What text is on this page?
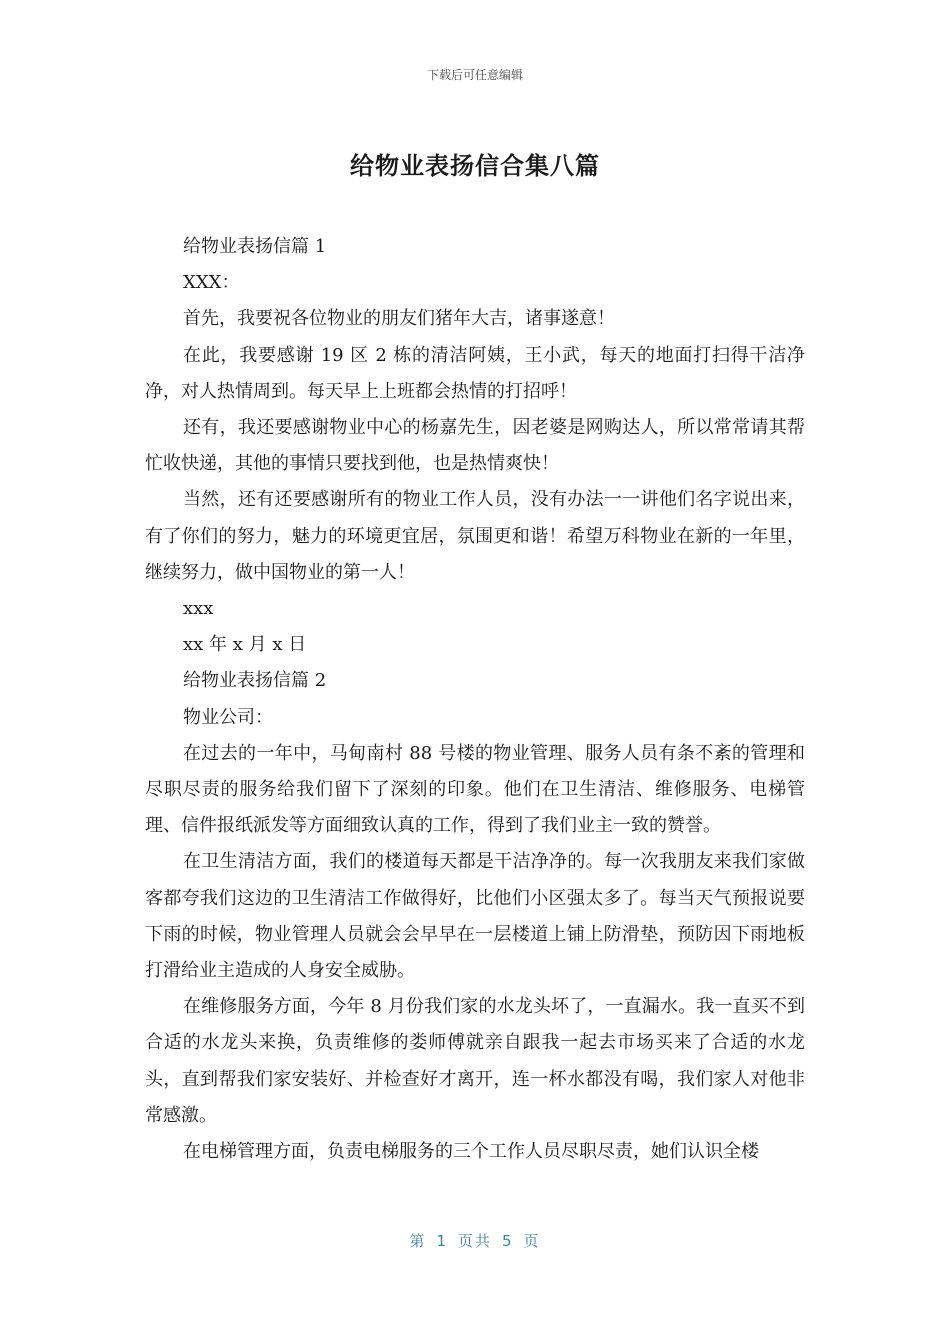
下载后可任意编辑
给物业表扬信合集八篇

给物业表扬信篇 1

XXX：

首先，我要祝各位物业的朋友们猪年大吉，诸事遂意！

在此，我要感谢 19 区 2 栋的清洁阿姨，王小武，每天的地面打扫得干洁净净，对人热情周到。每天早上上班都会热情的打招呼！

还有，我还要感谢物业中心的杨嘉先生，因老婆是网购达人，所以常常请其帮忙收快递，其他的事情只要找到他，也是热情爽快！

当然，还有还要感谢所有的物业工作人员，没有办法一一讲他们名字说出来，有了你们的努力，魅力的环境更宜居，氛围更和谐！希望万科物业在新的一年里，继续努力，做中国物业的第一人！

xxx

xx 年 x 月 x 日

给物业表扬信篇 2

物业公司：

在过去的一年中，马甸南村 88 号楼的物业管理、服务人员有条不紊的管理和尽职尽责的服务给我们留下了深刻的印象。他们在卫生清洁、维修服务、电梯管理、信件报纸派发等方面细致认真的工作，得到了我们业主一致的赞誉。

在卫生清洁方面，我们的楼道每天都是干洁净净的。每一次我朋友来我们家做客都夸我们这边的卫生清洁工作做得好，比他们小区强太多了。每当天气预报说要下雨的时候，物业管理人员就会会早早在一层楼道上铺上防滑垫，预防因下雨地板打滑给业主造成的人身安全威胁。

在维修服务方面，今年 8 月份我们家的水龙头坏了，一直漏水。我一直买不到合适的水龙头来换，负责维修的娄师傅就亲自跟我一起去市场买来了合适的水龙头，直到帮我们家安装好、并检查好才离开，连一杯水都没有喝，我们家人对他非常感激。

在电梯管理方面，负责电梯服务的三个工作人员尽职尽责，她们认识全楼

第 1 页共 5 页
